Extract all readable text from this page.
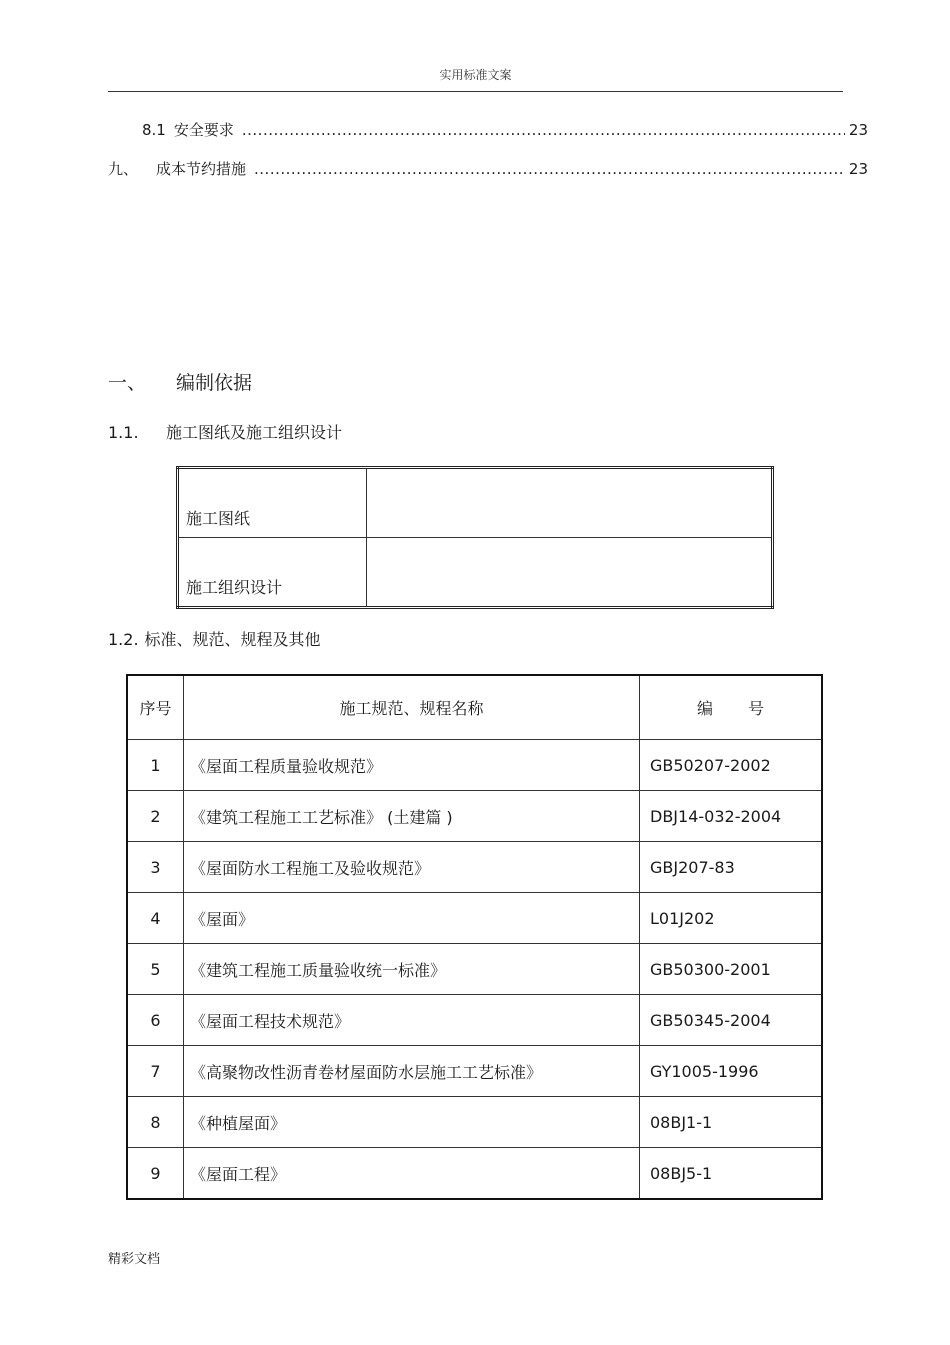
实用标准文案
8.1 安全要求 .....	23
九、	成本节约措施 .....	23
一、 编制依据
1.1. 施工图纸及施工组织设计
施工图纸	
施工组织设计	
1.2. 标准、规范、规程及其他
序号	施工规范、规程名称	编 号
1	《屋面工程质量验收规范》	GB50207-2002
2	《建筑工程施工工艺标准》 (土建篇 )	DBJ14-032-2004
3	《屋面防水工程施工及验收规范》	GBJ207-83
4	《屋面》	L01J202
5	《建筑工程施工质量验收统一标准》	GB50300-2001
6	《屋面工程技术规范》	GB50345-2004
7	《高聚物改性沥青卷材屋面防水层施工工艺标准》	GY1005-1996
8	《种植屋面》	08BJ1-1
9	《屋面工程》	08BJ5-1
精彩文档
